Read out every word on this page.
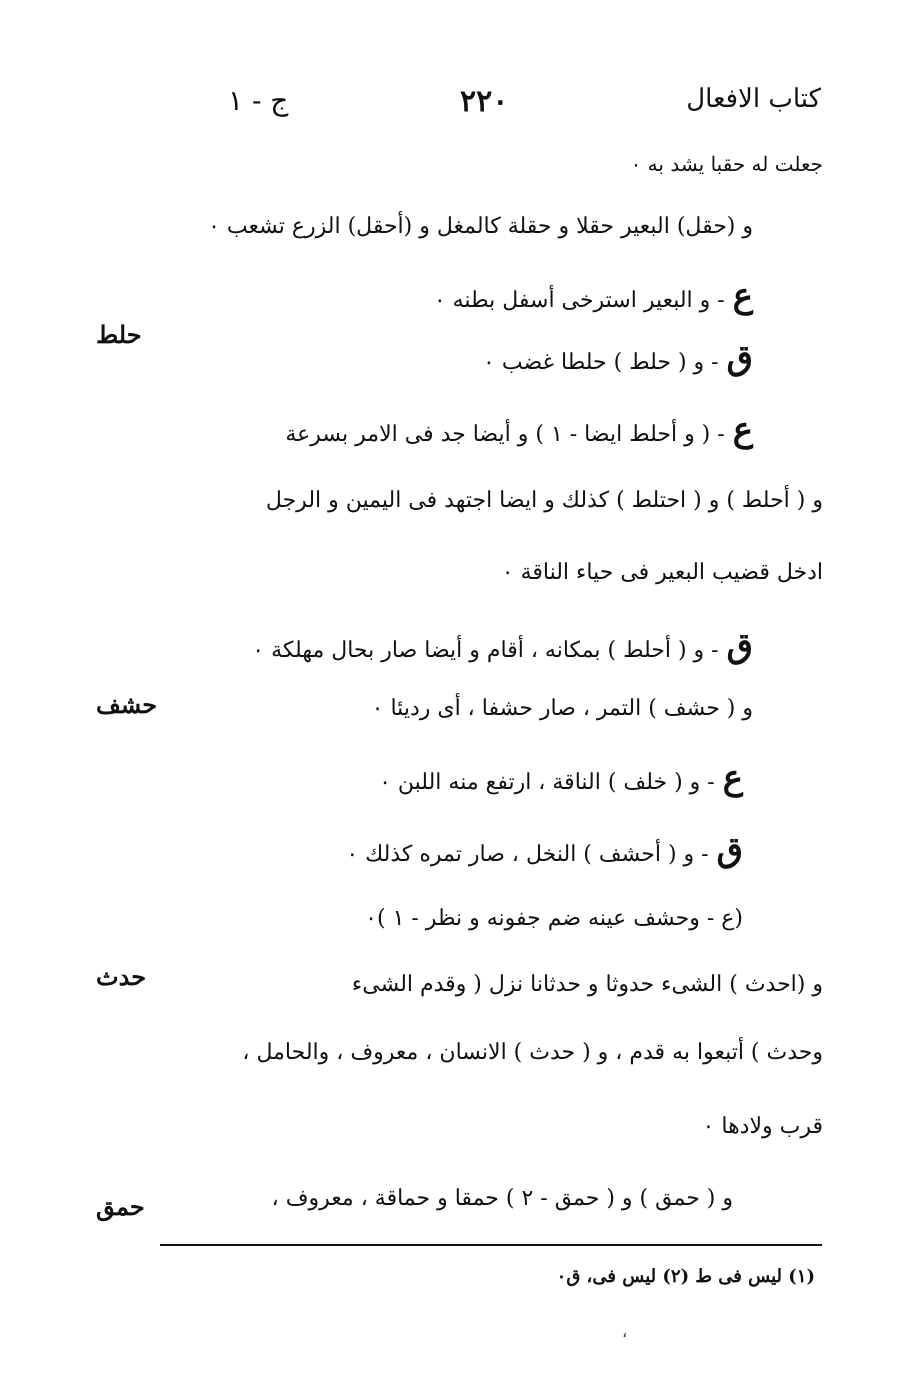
كتاب الافعال
٢٢٠
ج - ١
جعلت له حقبا يشد به ٠
و (حقل) البعير حقلا و حقلة كالمغل و (أحقل) الزرع تشعب ٠
ع- و البعير استرخى أسفل بطنه ٠
ق- و ( حلط ) حلطا غضب ٠
ع- ( و أحلط ايضا - ١ ) و أيضا جد فى الامر بسرعة
و ( أحلط ) و ( احتلط ) كذلك و ايضا اجتهد فى اليمين و الرجل
ادخل قضيب البعير فى حياء الناقة ٠
ق- و ( أحلط ) بمكانه ، أقام و أيضا صار بحال مهلكة ٠
و ( حشف ) التمر ، صار حشفا ، أى رديئا ٠
ع- و ( خلف ) الناقة ، ارتفع منه اللبن ٠
ق- و ( أحشف ) النخل ، صار تمره كذلك ٠
(ع - وحشف عينه ضم جفونه و نظر - ١ )٠
و (احدث ) الشىء حدوثا و حدثانا نزل ( وقدم الشىء
وحدث ) أتبعوا به قدم ، و ( حدث ) الانسان ، معروف ، والحامل ،
قرب ولادها ٠
و ( حمق ) و ( حمق - ٢ ) حمقا و حماقة ، معروف ،
حلط
حشف
حدث
حمق
(١) ليس فى ط (٢) ليس فى، ق٠
،
